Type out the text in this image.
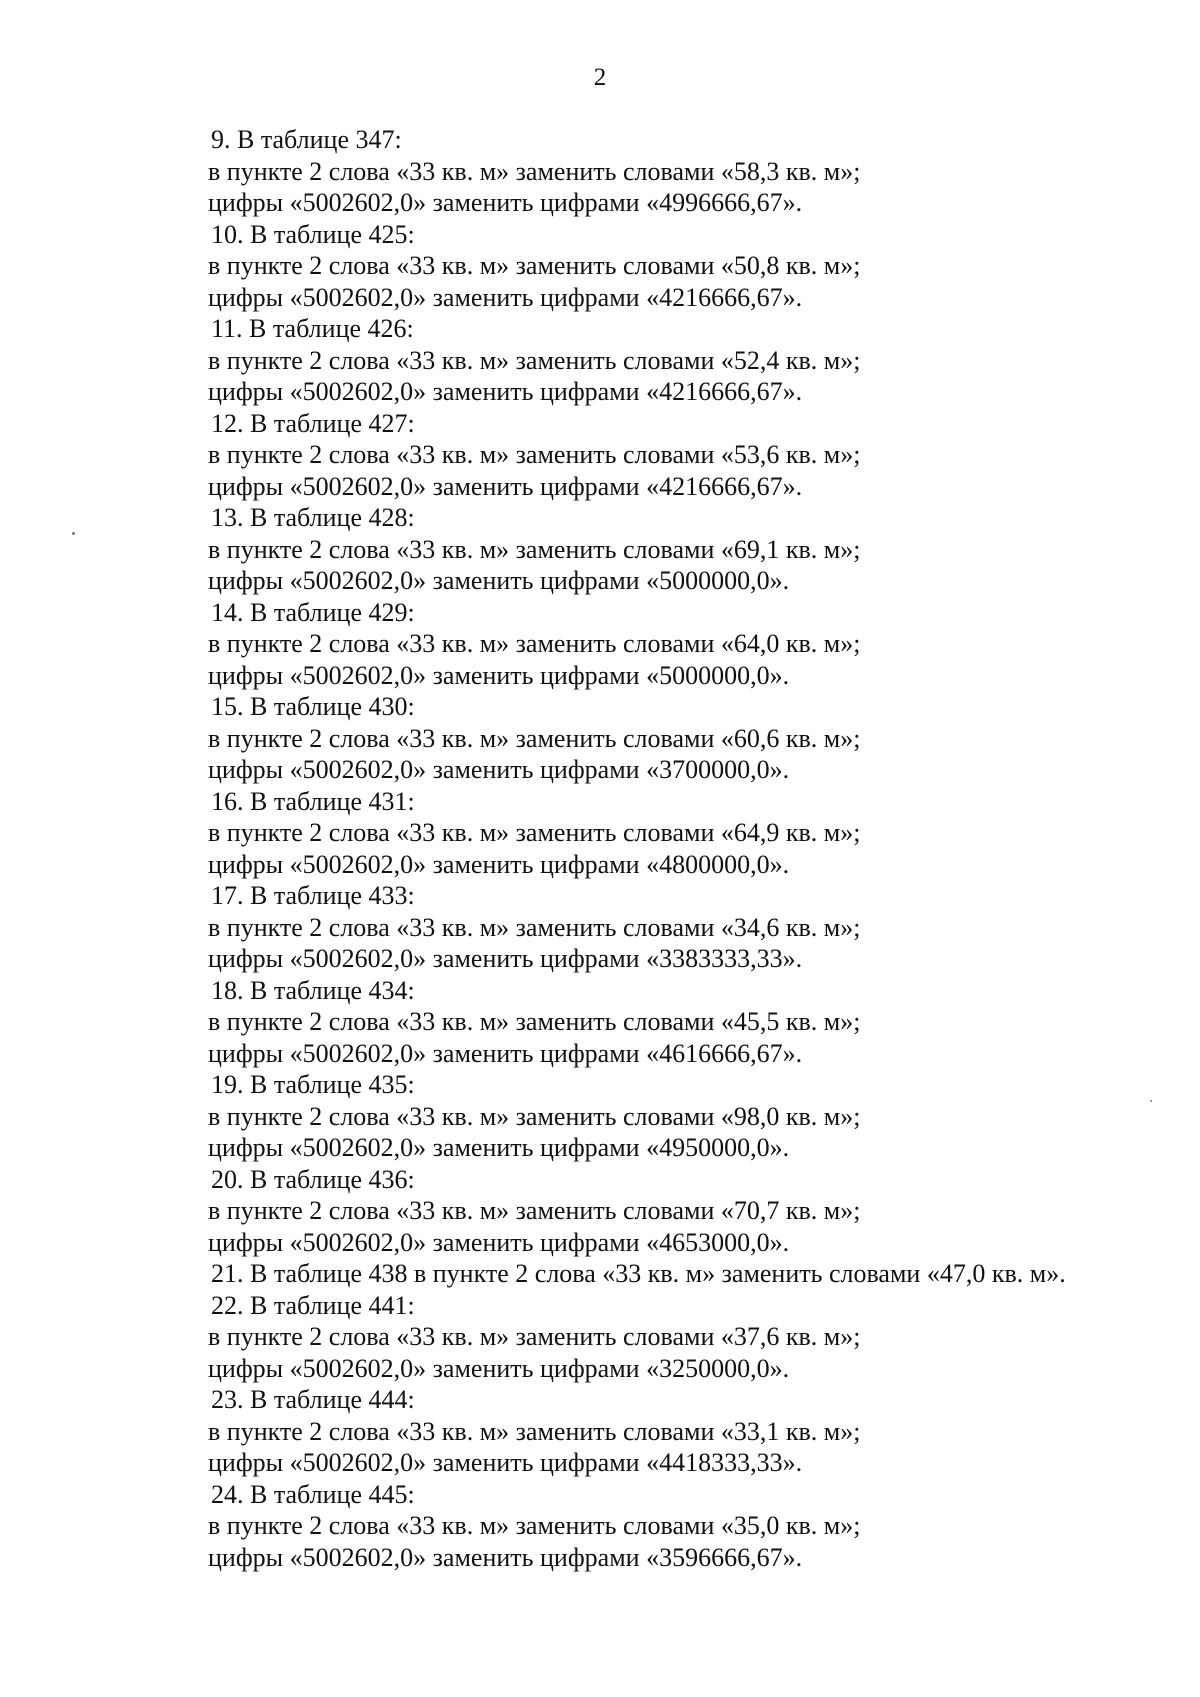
2
9. В таблице 347:
в пункте 2 слова «33 кв. м» заменить словами «58,3 кв. м»;
цифры «5002602,0» заменить цифрами «4996666,67».
10. В таблице 425:
в пункте 2 слова «33 кв. м» заменить словами «50,8 кв. м»;
цифры «5002602,0» заменить цифрами «4216666,67».
11. В таблице 426:
в пункте 2 слова «33 кв. м» заменить словами «52,4 кв. м»;
цифры «5002602,0» заменить цифрами «4216666,67».
12. В таблице 427:
в пункте 2 слова «33 кв. м» заменить словами «53,6 кв. м»;
цифры «5002602,0» заменить цифрами «4216666,67».
13. В таблице 428:
в пункте 2 слова «33 кв. м» заменить словами «69,1 кв. м»;
цифры «5002602,0» заменить цифрами «5000000,0».
14. В таблице 429:
в пункте 2 слова «33 кв. м» заменить словами «64,0 кв. м»;
цифры «5002602,0» заменить цифрами «5000000,0».
15. В таблице 430:
в пункте 2 слова «33 кв. м» заменить словами «60,6 кв. м»;
цифры «5002602,0» заменить цифрами «3700000,0».
16. В таблице 431:
в пункте 2 слова «33 кв. м» заменить словами «64,9 кв. м»;
цифры «5002602,0» заменить цифрами «4800000,0».
17. В таблице 433:
в пункте 2 слова «33 кв. м» заменить словами «34,6 кв. м»;
цифры «5002602,0» заменить цифрами «3383333,33».
18. В таблице 434:
в пункте 2 слова «33 кв. м» заменить словами «45,5 кв. м»;
цифры «5002602,0» заменить цифрами «4616666,67».
19. В таблице 435:
в пункте 2 слова «33 кв. м» заменить словами «98,0 кв. м»;
цифры «5002602,0» заменить цифрами «4950000,0».
20. В таблице 436:
в пункте 2 слова «33 кв. м» заменить словами «70,7 кв. м»;
цифры «5002602,0» заменить цифрами «4653000,0».
21. В таблице 438 в пункте 2 слова «33 кв. м» заменить словами «47,0 кв. м».
22. В таблице 441:
в пункте 2 слова «33 кв. м» заменить словами «37,6 кв. м»;
цифры «5002602,0» заменить цифрами «3250000,0».
23. В таблице 444:
в пункте 2 слова «33 кв. м» заменить словами «33,1 кв. м»;
цифры «5002602,0» заменить цифрами «4418333,33».
24. В таблице 445:
в пункте 2 слова «33 кв. м» заменить словами «35,0 кв. м»;
цифры «5002602,0» заменить цифрами «3596666,67».
